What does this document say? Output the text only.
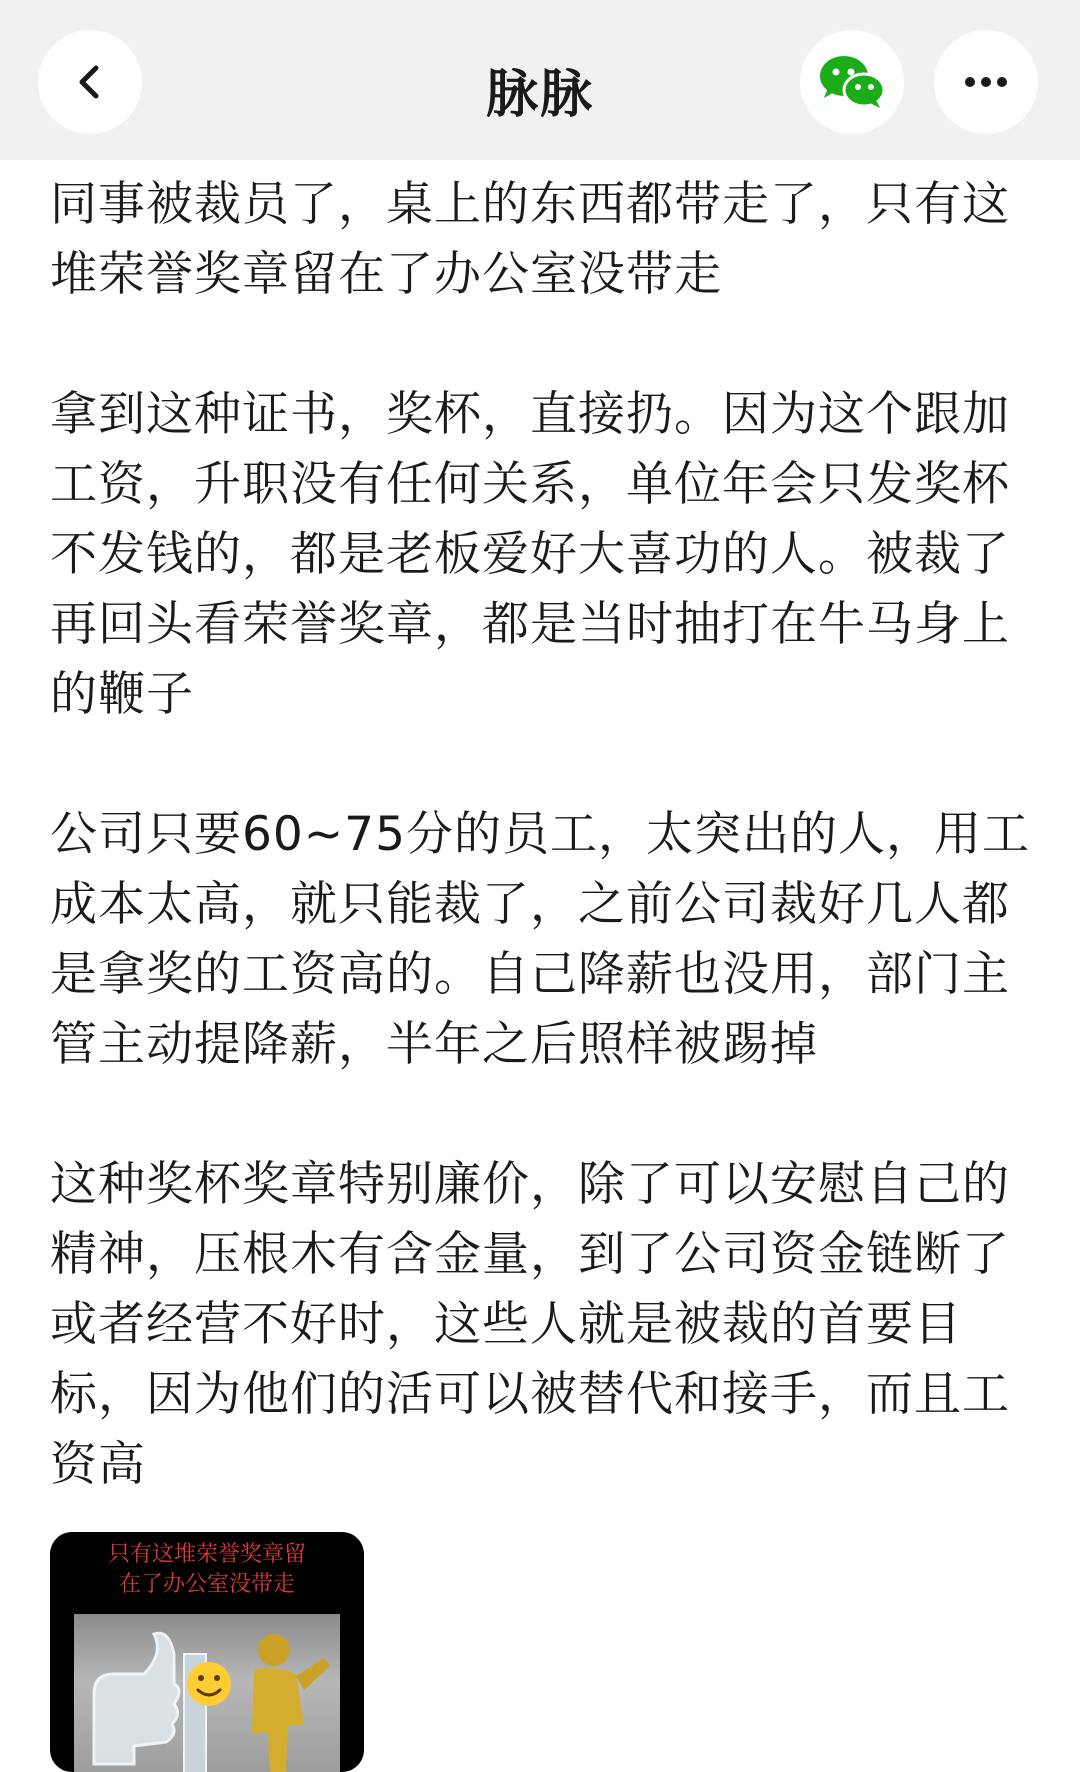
脉脉

同事被裁员了，桌上的东西都带走了，只有这堆荣誉奖章留在了办公室没带走

拿到这种证书，奖杯，直接扔。因为这个跟加工资，升职没有任何关系，单位年会只发奖杯不发钱的，都是老板爱好大喜功的人。被裁了再回头看荣誉奖章，都是当时抽打在牛马身上的鞭子

公司只要60~75分的员工，太突出的人，用工成本太高，就只能裁了，之前公司裁好几人都是拿奖的工资高的。自己降薪也没用，部门主管主动提降薪，半年之后照样被踢掉

这种奖杯奖章特别廉价，除了可以安慰自己的精神，压根木有含金量，到了公司资金链断了或者经营不好时，这些人就是被裁的首要目标，因为他们的活可以被替代和接手，而且工资高

只有这堆荣誉奖章留
在了办公室没带走
